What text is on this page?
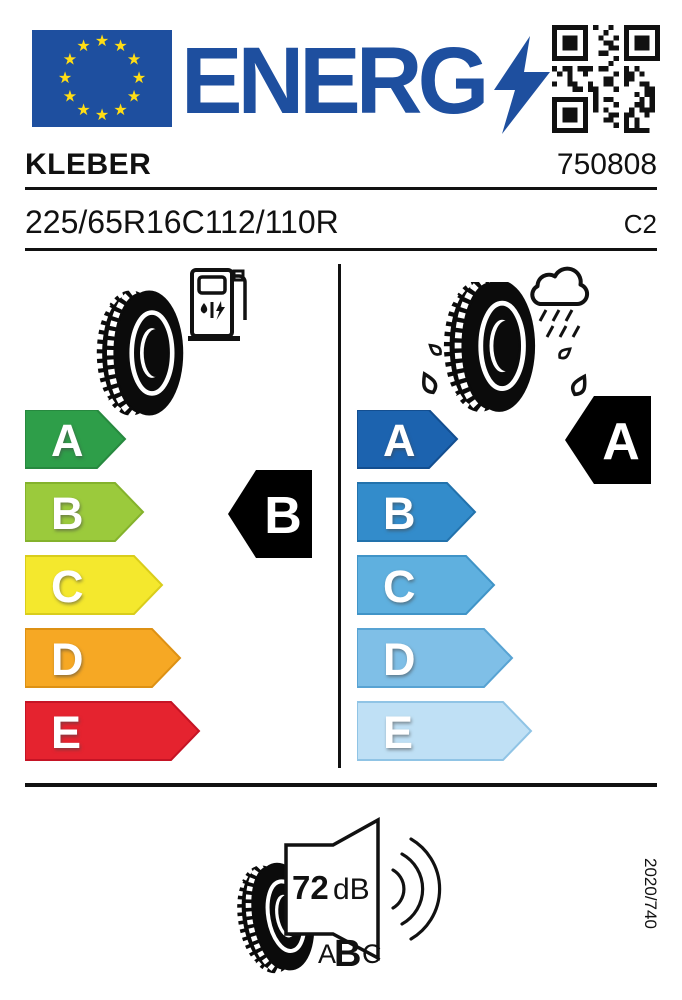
★
★
★
★
★
★
★
★
★
★
★
★
ENERG
KLEBER	750808
225/65R16C112/110R	C2
A
B
C
D
E
A
B
C
D
E
B
A
72 dB
A
B C
2020/740
